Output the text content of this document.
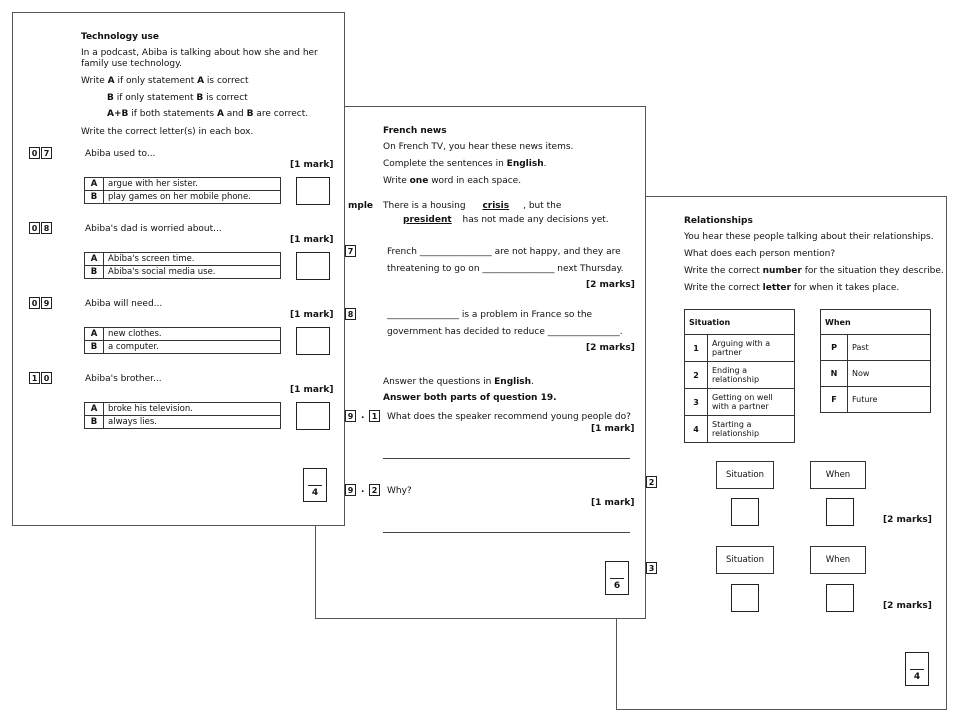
Relationships
You hear these people talking about their relationships.
What does each person mention?
Write the correct number for the situation they describe.
Write the correct letter for when it takes place.
Situation	
1	Arguing with a partner
2	Ending a relationship
3	Getting on well with a partner
4	Starting a relationship
When	
P	Past
N	Now
F	Future
2
Situation	When
[2 marks]
3
Situation	When
[2 marks]
4
French news
On French TV, you hear these news items.
Complete the sentences in English.
Write one word in each space.
mple There is a housing crisis , but the
president has not made any decisions yet.
7	French ________________ are not happy, and they are
threatening to go on ________________ next Thursday.
[2 marks]
8	________________ is a problem in France so the
government has decided to reduce ________________.
[2 marks]
Answer the questions in English.
Answer both parts of question 19.
9 . 1	What does the speaker recommend young people do?
[1 mark]
9 . 2	Why?
[1 mark]
6
Technology use
In a podcast, Abiba is talking about how she and her family use technology.
Write A if only statement A is correct
B if only statement B is correct
A+B if both statements A and B are correct.
Write the correct letter(s) in each box.
0 7	Abiba used to...
[1 mark]
A	argue with her sister.
B	play games on her mobile phone.
0 8	Abiba's dad is worried about...
[1 mark]
A	Abiba's screen time.
B	Abiba's social media use.
0 9	Abiba will need...
[1 mark]
A	new clothes.
B	a computer.
1 0	Abiba's brother...
[1 mark]
A	broke his television.
B	always lies.
4
